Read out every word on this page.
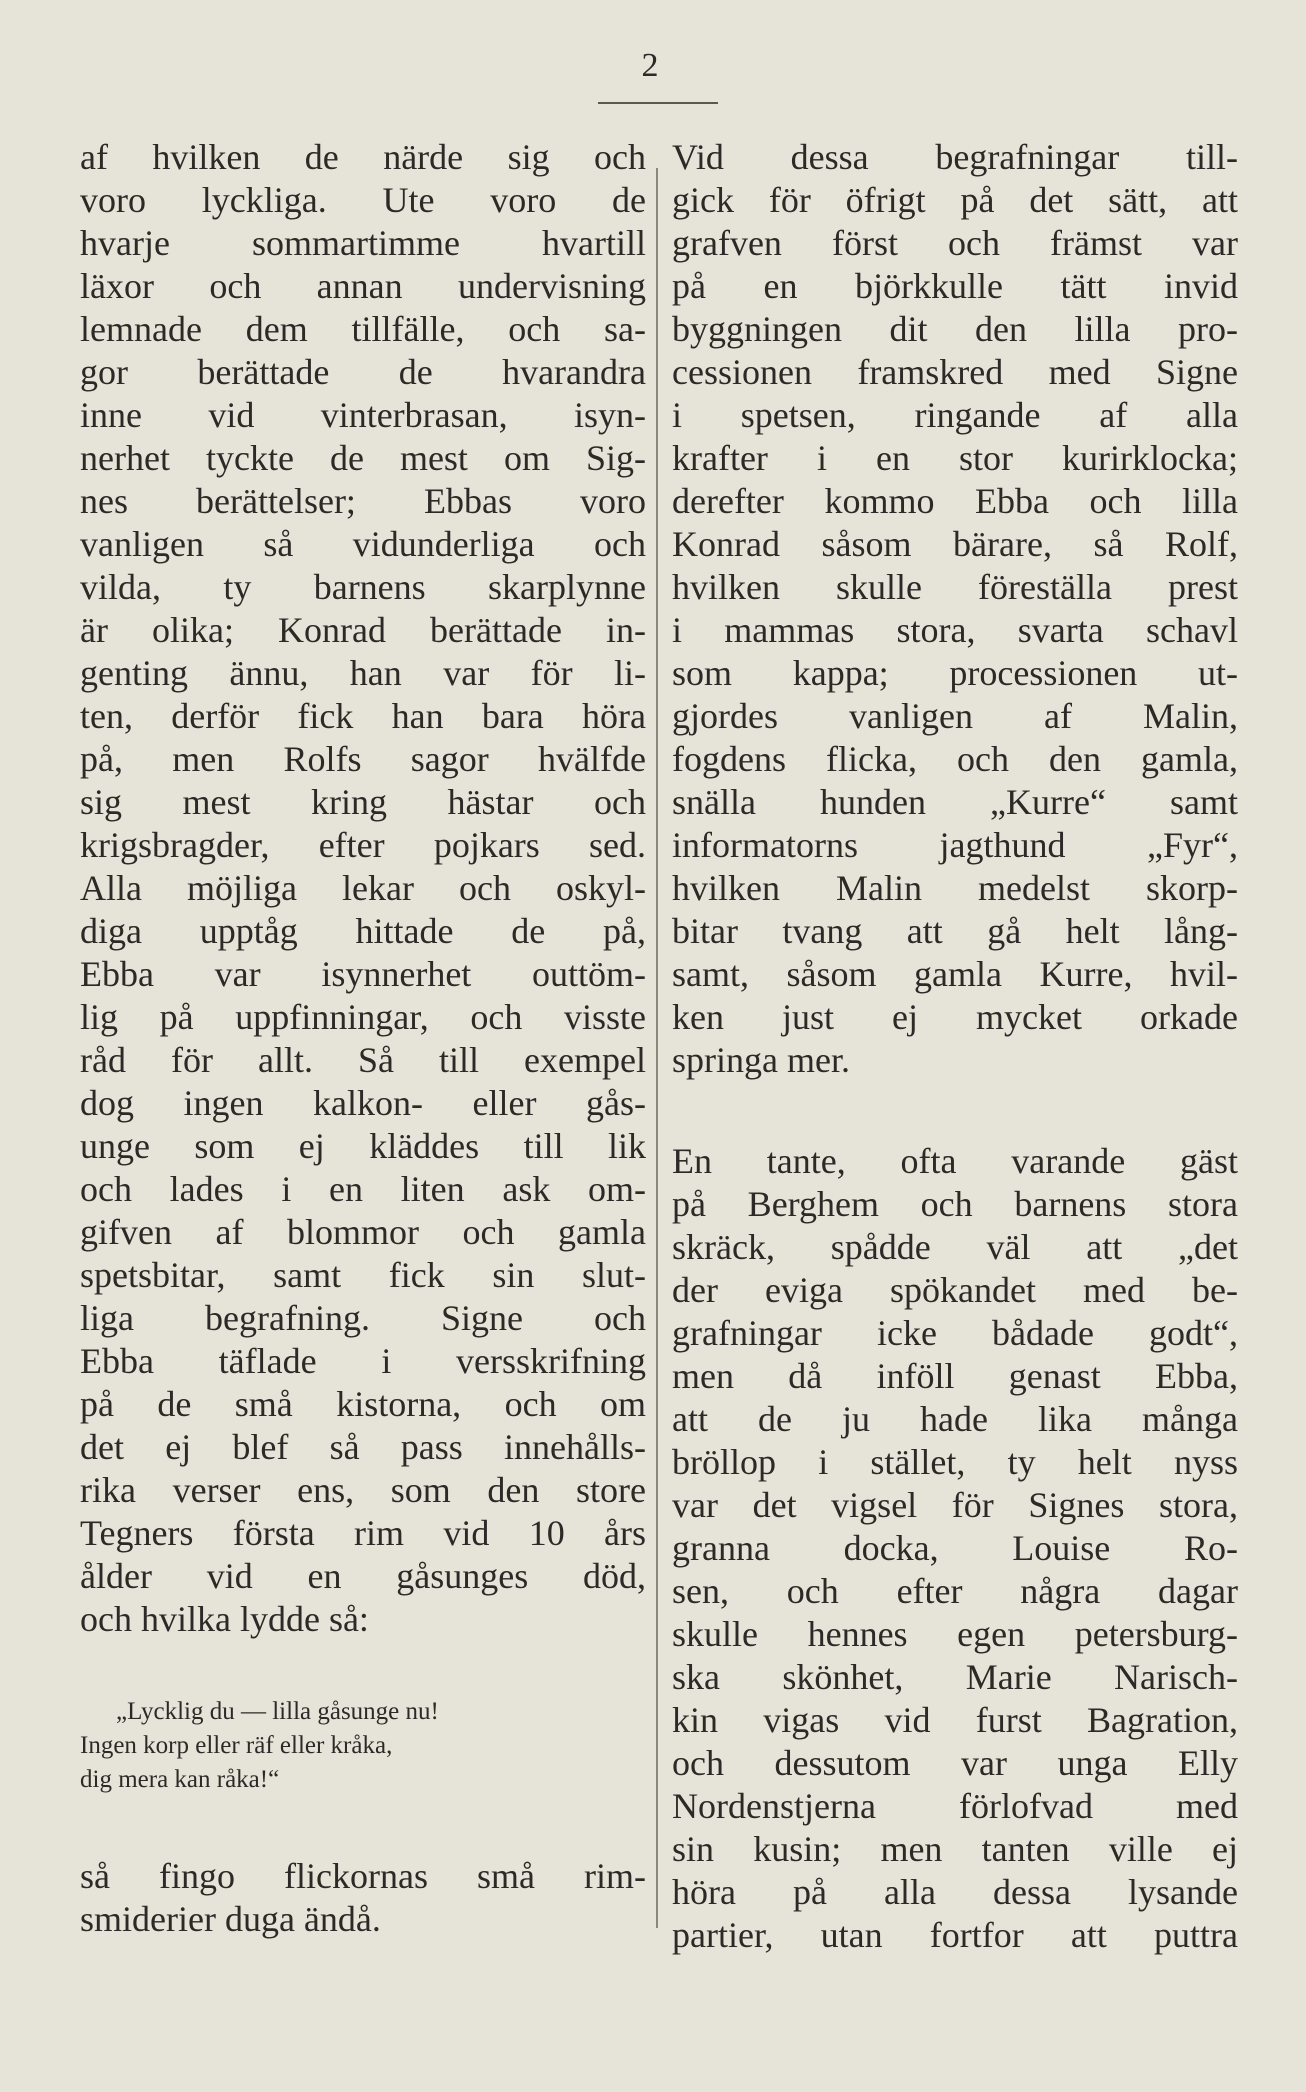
2
af hvilken de närde sig och
voro lyckliga. Ute voro de
hvarje sommartimme hvartill
läxor och annan undervisning
lemnade dem tillfälle, och sa-
gor berättade de hvarandra
inne vid vinterbrasan, isyn-
nerhet tyckte de mest om Sig-
nes berättelser; Ebbas voro
vanligen så vidunderliga och
vilda, ty barnens skarplynne
är olika; Konrad berättade in-
genting ännu, han var för li-
ten, derför fick han bara höra
på, men Rolfs sagor hvälfde
sig mest kring hästar och
krigsbragder, efter pojkars sed.
Alla möjliga lekar och oskyl-
diga upptåg hittade de på,
Ebba var isynnerhet outtöm-
lig på uppfinningar, och visste
råd för allt. Så till exempel
dog ingen kalkon- eller gås-
unge som ej kläddes till lik
och lades i en liten ask om-
gifven af blommor och gamla
spetsbitar, samt fick sin slut-
liga begrafning. Signe och
Ebba täflade i versskrifning
på de små kistorna, och om
det ej blef så pass innehålls-
rika verser ens, som den store
Tegners första rim vid 10 års
ålder vid en gåsunges död,
och hvilka lydde så:
„Lycklig du — lilla gåsunge nu!
Ingen korp eller räf eller kråka,
dig mera kan råka!“
så fingo flickornas små rim-
smiderier duga ändå.
Vid dessa begrafningar till-
gick för öfrigt på det sätt, att
grafven först och främst var
på en björkkulle tätt invid
byggningen dit den lilla pro-
cessionen framskred med Signe
i spetsen, ringande af alla
krafter i en stor kurirklocka;
derefter kommo Ebba och lilla
Konrad såsom bärare, så Rolf,
hvilken skulle föreställa prest
i mammas stora, svarta schavl
som kappa; processionen ut-
gjordes vanligen af Malin,
fogdens flicka, och den gamla,
snälla hunden „Kurre“ samt
informatorns jagthund „Fyr“,
hvilken Malin medelst skorp-
bitar tvang att gå helt lång-
samt, såsom gamla Kurre, hvil-
ken just ej mycket orkade
springa mer.
En tante, ofta varande gäst
på Berghem och barnens stora
skräck, spådde väl att „det
der eviga spökandet med be-
grafningar icke bådade godt“,
men då inföll genast Ebba,
att de ju hade lika många
bröllop i stället, ty helt nyss
var det vigsel för Signes stora,
granna docka, Louise Ro-
sen, och efter några dagar
skulle hennes egen petersburg-
ska skönhet, Marie Narisch-
kin vigas vid furst Bagration,
och dessutom var unga Elly
Nordenstjerna förlofvad med
sin kusin; men tanten ville ej
höra på alla dessa lysande
partier, utan fortfor att puttra
